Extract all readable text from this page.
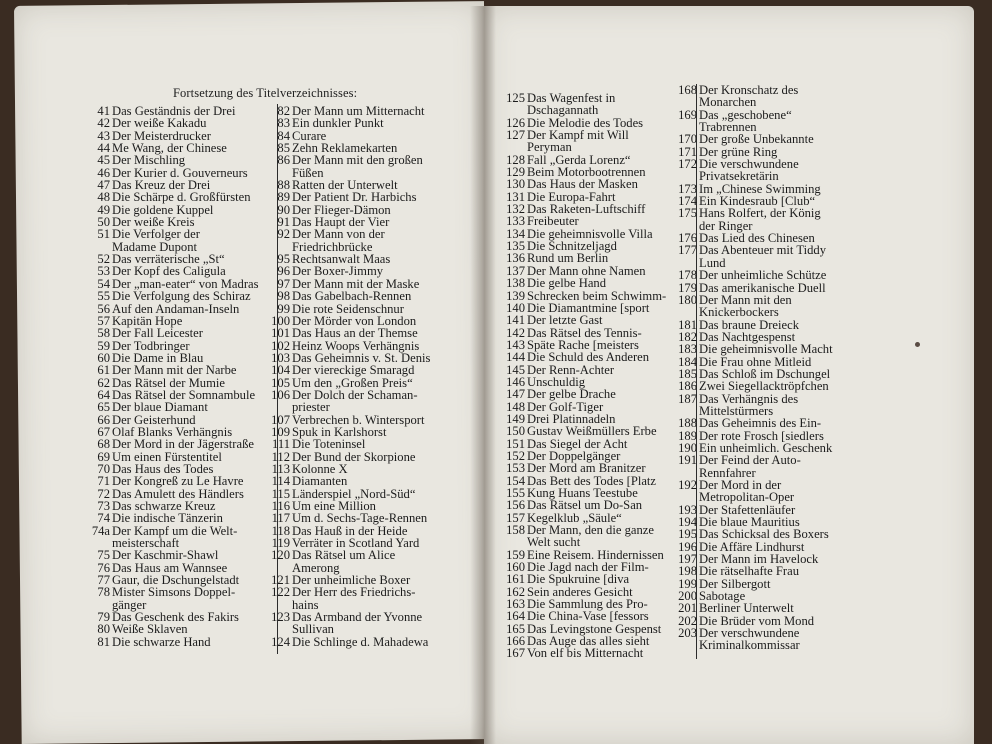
Fortsetzung des Titelverzeichnisses:
41 Das Geständnis der Drei
42 Der weiße Kakadu
43 Der Meisterdrucker
44 Me Wang, der Chinese
45 Der Mischling
46 Der Kurier d. Gouverneurs
47 Das Kreuz der Drei
48 Die Schärpe d. Großfürsten
49 Die goldene Kuppel
50 Der weiße Kreis
51 Die Verfolger der
Madame Dupont
52 Das verräterische „St“
53 Der Kopf des Caligula
54 Der „man-eater“ von Madras
55 Die Verfolgung des Schiraz
56 Auf den Andaman-Inseln
57 Kapitän Hope
58 Der Fall Leicester
59 Der Todbringer
60 Die Dame in Blau
61 Der Mann mit der Narbe
62 Das Rätsel der Mumie
64 Das Rätsel der Somnambule
65 Der blaue Diamant
66 Der Geisterhund
67 Olaf Blanks Verhängnis
68 Der Mord in der Jägerstraße
69 Um einen Fürstentitel
70 Das Haus des Todes
71 Der Kongreß zu Le Havre
72 Das Amulett des Händlers
73 Das schwarze Kreuz
74 Die indische Tänzerin
74a Der Kampf um die Welt-
meisterschaft
75 Der Kaschmir-Shawl
76 Das Haus am Wannsee
77 Gaur, die Dschungelstadt
78 Mister Simsons Doppel-
gänger
79 Das Geschenk des Fakirs
80 Weiße Sklaven
81 Die schwarze Hand
82 Der Mann um Mitternacht
83 Ein dunkler Punkt
84 Curare
85 Zehn Reklamekarten
86 Der Mann mit den großen
Füßen
88 Ratten der Unterwelt
89 Der Patient Dr. Harbichs
90 Der Flieger-Dämon
91 Das Haupt der Vier
92 Der Mann von der
Friedrichbrücke
95 Rechtsanwalt Maas
96 Der Boxer-Jimmy
97 Der Mann mit der Maske
98 Das Gabelbach-Rennen
99 Die rote Seidenschnur
100 Der Mörder von London
101 Das Haus an der Themse
102 Heinz Woops Verhängnis
103 Das Geheimnis v. St. Denis
104 Der viereckige Smaragd
105 Um den „Großen Preis“
106 Der Dolch der Schaman-
priester
107 Verbrechen b. Wintersport
109 Spuk in Karlshorst
111 Die Toteninsel
112 Der Bund der Skorpione
113 Kolonne X
114 Diamanten
115 Länderspiel „Nord-Süd“
116 Um eine Million
117 Um d. Sechs-Tage-Rennen
118 Das Hauß in der Heide
119 Verräter in Scotland Yard
120 Das Rätsel um Alice
Amerong
121 Der unheimliche Boxer
122 Der Herr des Friedrichs-
hains
123 Das Armband der Yvonne
Sullivan
124 Die Schlinge d. Mahadewa
125 Das Wagenfest in
Dschagannath
126 Die Melodie des Todes
127 Der Kampf mit Will
Peryman
128 Fall „Gerda Lorenz“
129 Beim Motorbootrennen
130 Das Haus der Masken
131 Die Europa-Fahrt
132 Das Raketen-Luftschiff
133 Freibeuter
134 Die geheimnisvolle Villa
135 Die Schnitzeljagd
136 Rund um Berlin
137 Der Mann ohne Namen
138 Die gelbe Hand
139 Schrecken beim Schwimm-
140 Die Diamantmine [sport
141 Der letzte Gast
142 Das Rätsel des Tennis-
143 Späte Rache [meisters
144 Die Schuld des Anderen
145 Der Renn-Achter
146 Unschuldig
147 Der gelbe Drache
148 Der Golf-Tiger
149 Drei Platinnadeln
150 Gustav Weißmüllers Erbe
151 Das Siegel der Acht
152 Der Doppelgänger
153 Der Mord am Branitzer
154 Das Bett des Todes [Platz
155 Kung Huans Teestube
156 Das Rätsel um Do-San
157 Kegelklub „Säule“
158 Der Mann, den die ganze
Welt sucht
159 Eine Reisem. Hindernissen
160 Die Jagd nach der Film-
161 Die Spukruine [diva
162 Sein anderes Gesicht
163 Die Sammlung des Pro-
164 Die China-Vase [fessors
165 Das Levingstone Gespenst
166 Das Auge das alles sieht
167 Von elf bis Mitternacht
168 Der Kronschatz des
Monarchen
169 Das „geschobene“
Trabrennen
170 Der große Unbekannte
171 Der grüne Ring
172 Die verschwundene
Privatsekretärin
173 Im „Chinese Swimming
174 Ein Kindesraub [Club“
175 Hans Rolfert, der König
der Ringer
176 Das Lied des Chinesen
177 Das Abenteuer mit Tiddy
Lund
178 Der unheimliche Schütze
179 Das amerikanische Duell
180 Der Mann mit den
Knickerbockers
181 Das braune Dreieck
182 Das Nachtgespenst
183 Die geheimnisvolle Macht
184 Die Frau ohne Mitleid
185 Das Schloß im Dschungel
186 Zwei Siegellacktröpfchen
187 Das Verhängnis des
Mittelstürmers
188 Das Geheimnis des Ein-
189 Der rote Frosch [siedlers
190 Ein unheimlich. Geschenk
191 Der Feind der Auto-
Rennfahrer
192 Der Mord in der
Metropolitan-Oper
193 Der Stafettenläufer
194 Die blaue Mauritius
195 Das Schicksal des Boxers
196 Die Affäre Lindhurst
197 Der Mann im Havelock
198 Die rätselhafte Frau
199 Der Silbergott
200 Sabotage
201 Berliner Unterwelt
202 Die Brüder vom Mond
203 Der verschwundene
Kriminalkommissar
